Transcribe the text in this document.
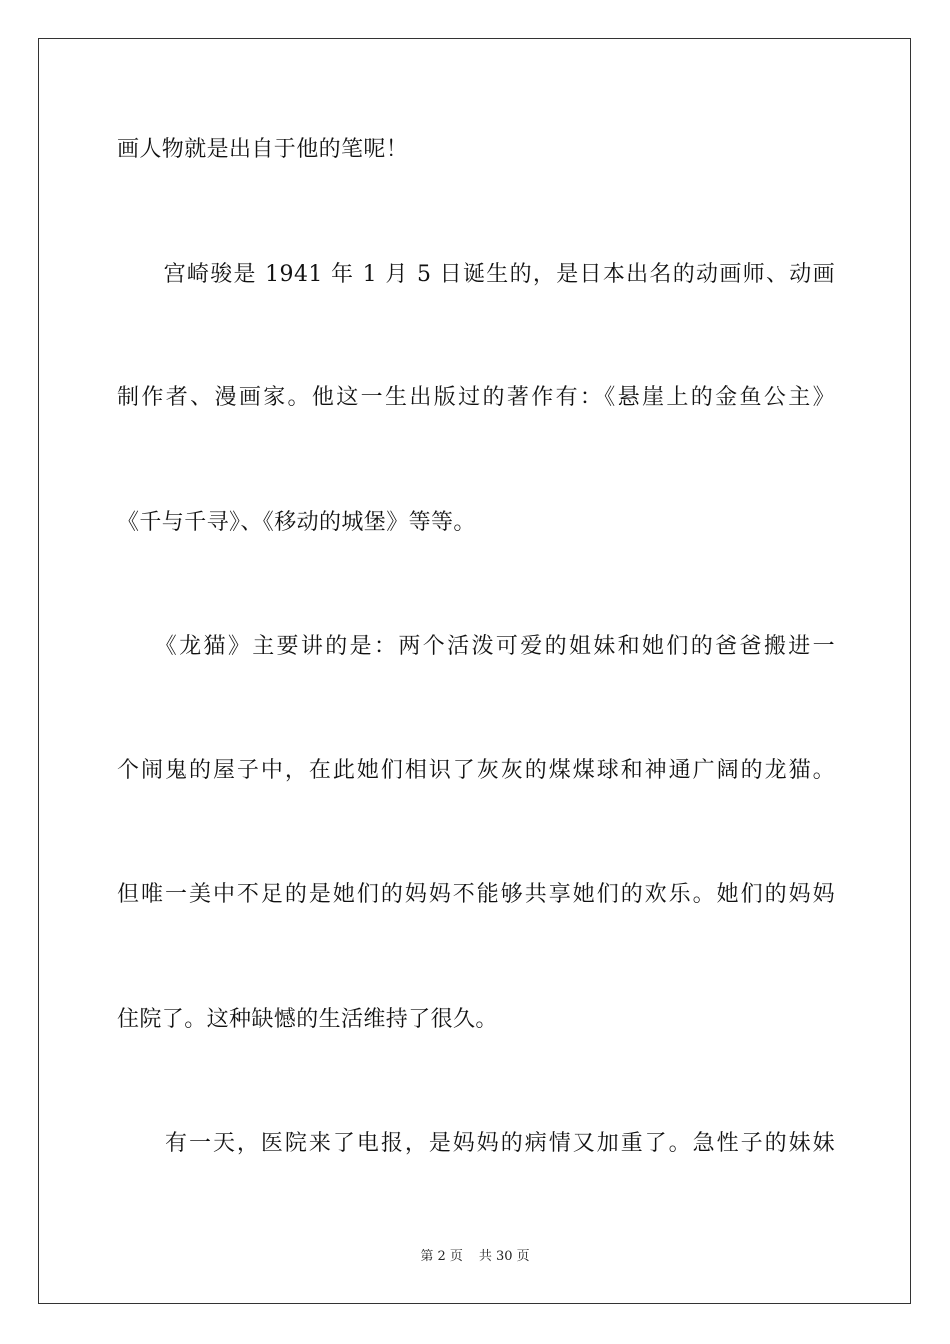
画人物就是出自于他的笔呢！
　　宫崎骏是 1941 年 1 月 5 日诞生的，是日本出名的动画师、动画
制作者、漫画家。他这一生出版过的著作有：《悬崖上的金鱼公主》
《千与千寻》、《移动的城堡》等等。
　　《龙猫》主要讲的是：两个活泼可爱的姐妹和她们的爸爸搬进一
个闹鬼的屋子中，在此她们相识了灰灰的煤煤球和神通广阔的龙猫。
但唯一美中不足的是她们的妈妈不能够共享她们的欢乐。她们的妈妈
住院了。这种缺憾的生活维持了很久。
　　有一天，医院来了电报，是妈妈的病情又加重了。急性子的妹妹
第 2 页 共 30 页
